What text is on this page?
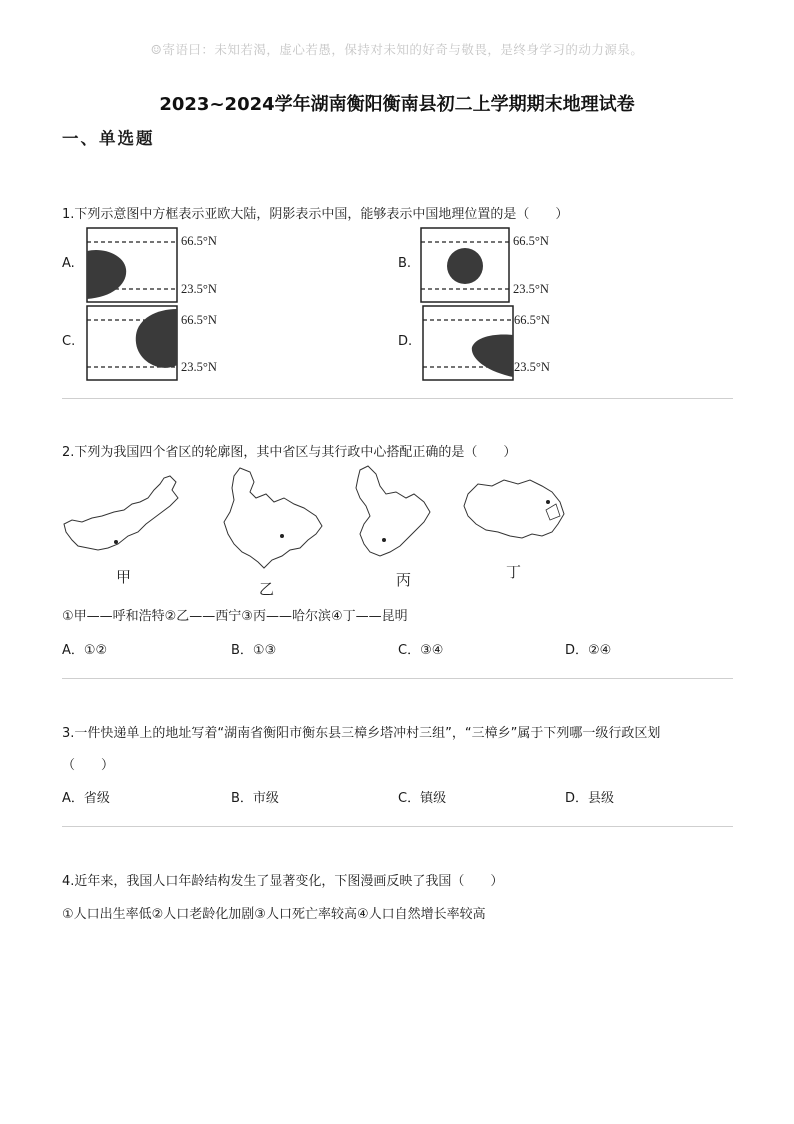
☺寄语曰：未知若渴，虚心若愚，保持对未知的好奇与敬畏，是终身学习的动力源泉。
2023~2024学年湖南衡阳衡南县初二上学期期末地理试卷
一、单选题
1.下列示意图中方框表示亚欧大陆，阴影表示中国，能够表示中国地理位置的是（　　）
A.
66.5°N
23.5°N
B.
66.5°N
23.5°N
C.
66.5°N
23.5°N
D.
66.5°N
23.5°N
2.下列为我国四个省区的轮廓图，其中省区与其行政中心搭配正确的是（　　）
甲
乙	丙	丁
①甲——呼和浩特②乙——西宁③丙——哈尔滨④丁——昆明
A．①②	B．①③	C．③④	D．②④
3.一件快递单上的地址写着“湖南省衡阳市衡东县三樟乡塔冲村三组”，“三樟乡”属于下列哪一级行政区划
（　　）
A．省级	B．市级	C．镇级	D．县级
4.近年来，我国人口年龄结构发生了显著变化，下图漫画反映了我国（　　）
①人口出生率低②人口老龄化加剧③人口死亡率较高④人口自然增长率较高
